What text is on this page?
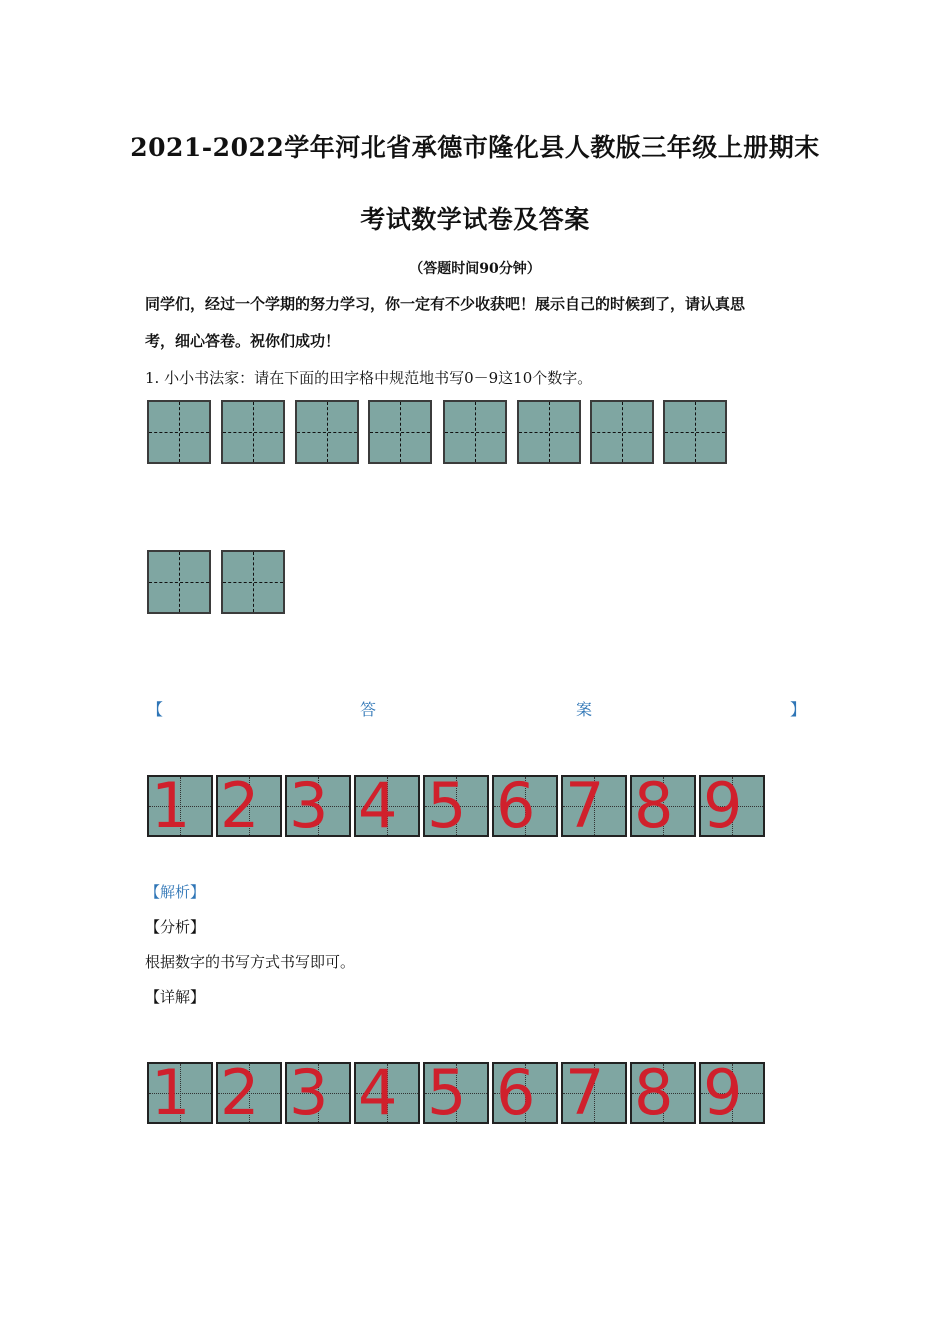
2021-2022学年河北省承德市隆化县人教版三年级上册期末
考试数学试卷及答案
（答题时间90分钟）
同学们，经过一个学期的努力学习，你一定有不少收获吧！展示自己的时候到了，请认真思
考，细心答卷。祝你们成功！
1. 小小书法家：请在下面的田字格中规范地书写0－9这10个数字。
【	答	案	】
1 2 3 4 5 6 7 8 9
【解析】
【分析】
根据数字的书写方式书写即可。
【详解】
1 2 3 4 5 6 7 8 9
